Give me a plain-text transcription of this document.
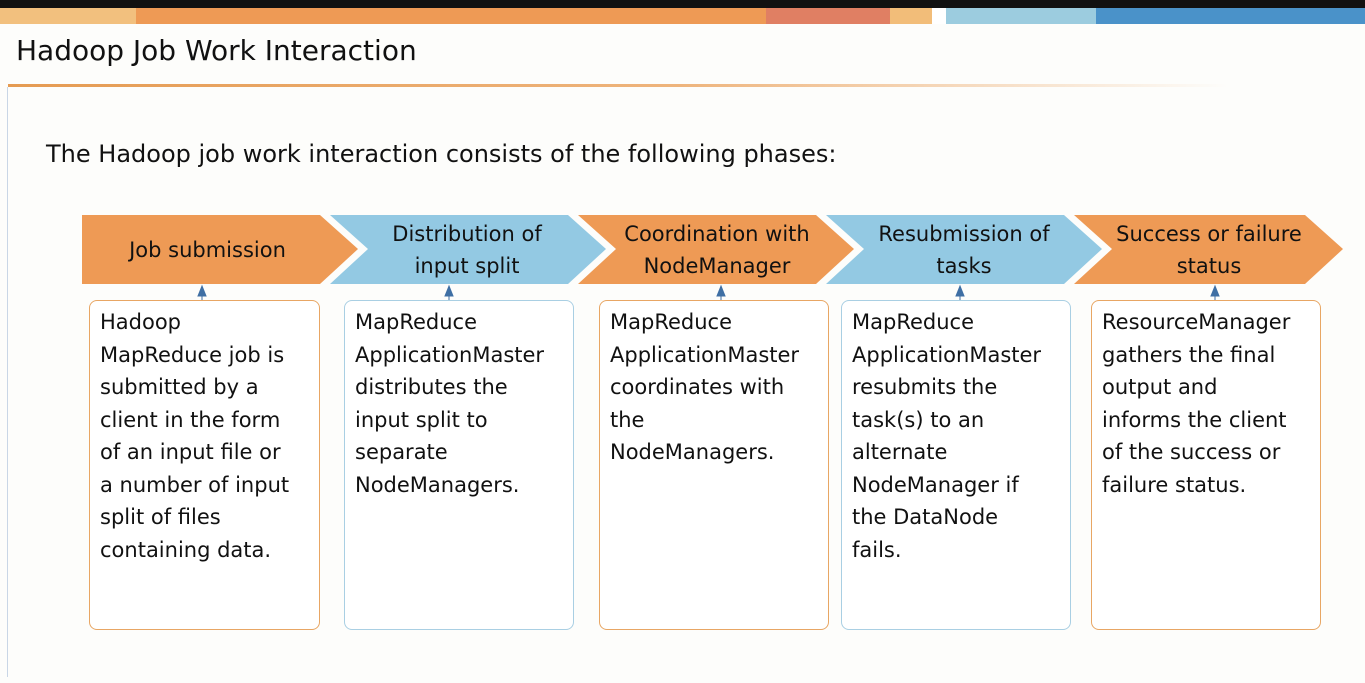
Hadoop Job Work Interaction
The Hadoop job work interaction consists of the following phases:
Job submission
Distribution of input split
Coordination with NodeManager
Resubmission of tasks
Success or failure status
Hadoop
MapReduce job is
submitted by a
client in the form
of an input file or
a number of input
split of files
containing data.
MapReduce
ApplicationMaster
distributes the
input split to
separate
NodeManagers.
MapReduce
ApplicationMaster
coordinates with
the
NodeManagers.
MapReduce
ApplicationMaster
resubmits the
task(s) to an
alternate
NodeManager if
the DataNode
fails.
ResourceManager
gathers the final
output and
informs the client
of the success or
failure status.
